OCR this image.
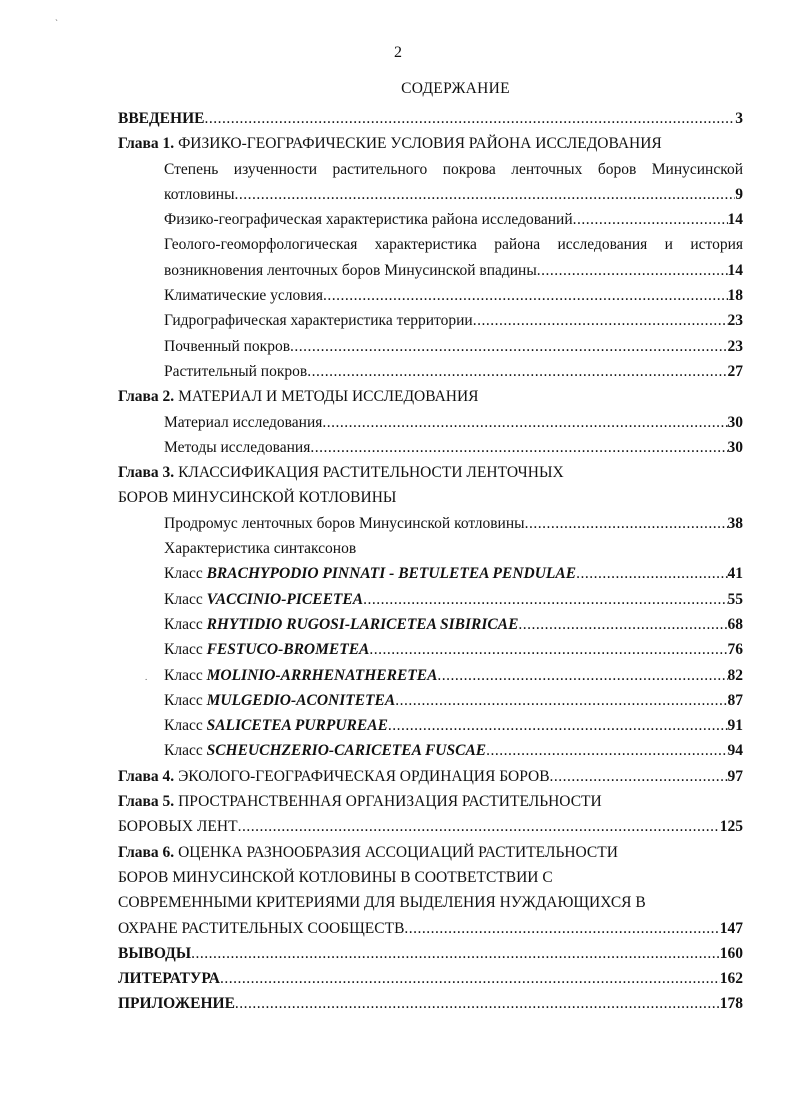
`
.
2
СОДЕРЖАНИЕ
ВВЕДЕНИЕ .....	3
Глава 1. ФИЗИКО-ГЕОГРАФИЧЕСКИЕ УСЛОВИЯ РАЙОНА ИССЛЕДОВАНИЯ
Степень изученности растительного покрова ленточных боров Минусинской
котловины .....	9
Физико-географическая характеристика района исследований .....	14
Геолого-геоморфологическая характеристика района исследования и история
возникновения ленточных боров Минусинской впадины .....	14
Климатические условия .....	18
Гидрографическая характеристика территории .....	23
Почвенный покров .....	23
Растительный покров .....	27
Глава 2. МАТЕРИАЛ И МЕТОДЫ ИССЛЕДОВАНИЯ
Материал исследования .....	30
Методы исследования .....	30
Глава 3. КЛАССИФИКАЦИЯ РАСТИТЕЛЬНОСТИ ЛЕНТОЧНЫХ
БОРОВ МИНУСИНСКОЙ КОТЛОВИНЫ
Продромус ленточных боров Минусинской котловины .....	38
Характеристика синтаксонов
Класс BRACHYPODIO PINNATI - BETULETEA PENDULAE .....	41
Класс VACCINIO-PICEETEA .....	55
Класс RHYTIDIO RUGOSI-LARICETEA SIBIRICAE .....	68
Класс FESTUCO-BROMETEA .....	76
Класс MOLINIO-ARRHENATHERETEA .....	82
Класс MULGEDIO-ACONITETEA .....	87
Класс SALICETEA PURPUREAE .....	91
Класс SCHEUCHZERIO-CARICETEA FUSCAE .....	94
Глава 4. ЭКОЛОГО-ГЕОГРАФИЧЕСКАЯ ОРДИНАЦИЯ БОРОВ .....	97
Глава 5. ПРОСТРАНСТВЕННАЯ ОРГАНИЗАЦИЯ РАСТИТЕЛЬНОСТИ
БОРОВЫХ ЛЕНТ .....	125
Глава 6. ОЦЕНКА РАЗНООБРАЗИЯ АССОЦИАЦИЙ РАСТИТЕЛЬНОСТИ
БОРОВ МИНУСИНСКОЙ КОТЛОВИНЫ В СООТВЕТСТВИИ С
СОВРЕМЕННЫМИ КРИТЕРИЯМИ ДЛЯ ВЫДЕЛЕНИЯ НУЖДАЮЩИХСЯ В
ОХРАНЕ РАСТИТЕЛЬНЫХ СООБЩЕСТВ .....	147
ВЫВОДЫ .....	160
ЛИТЕРАТУРА .....	162
ПРИЛОЖЕНИЕ .....	178
